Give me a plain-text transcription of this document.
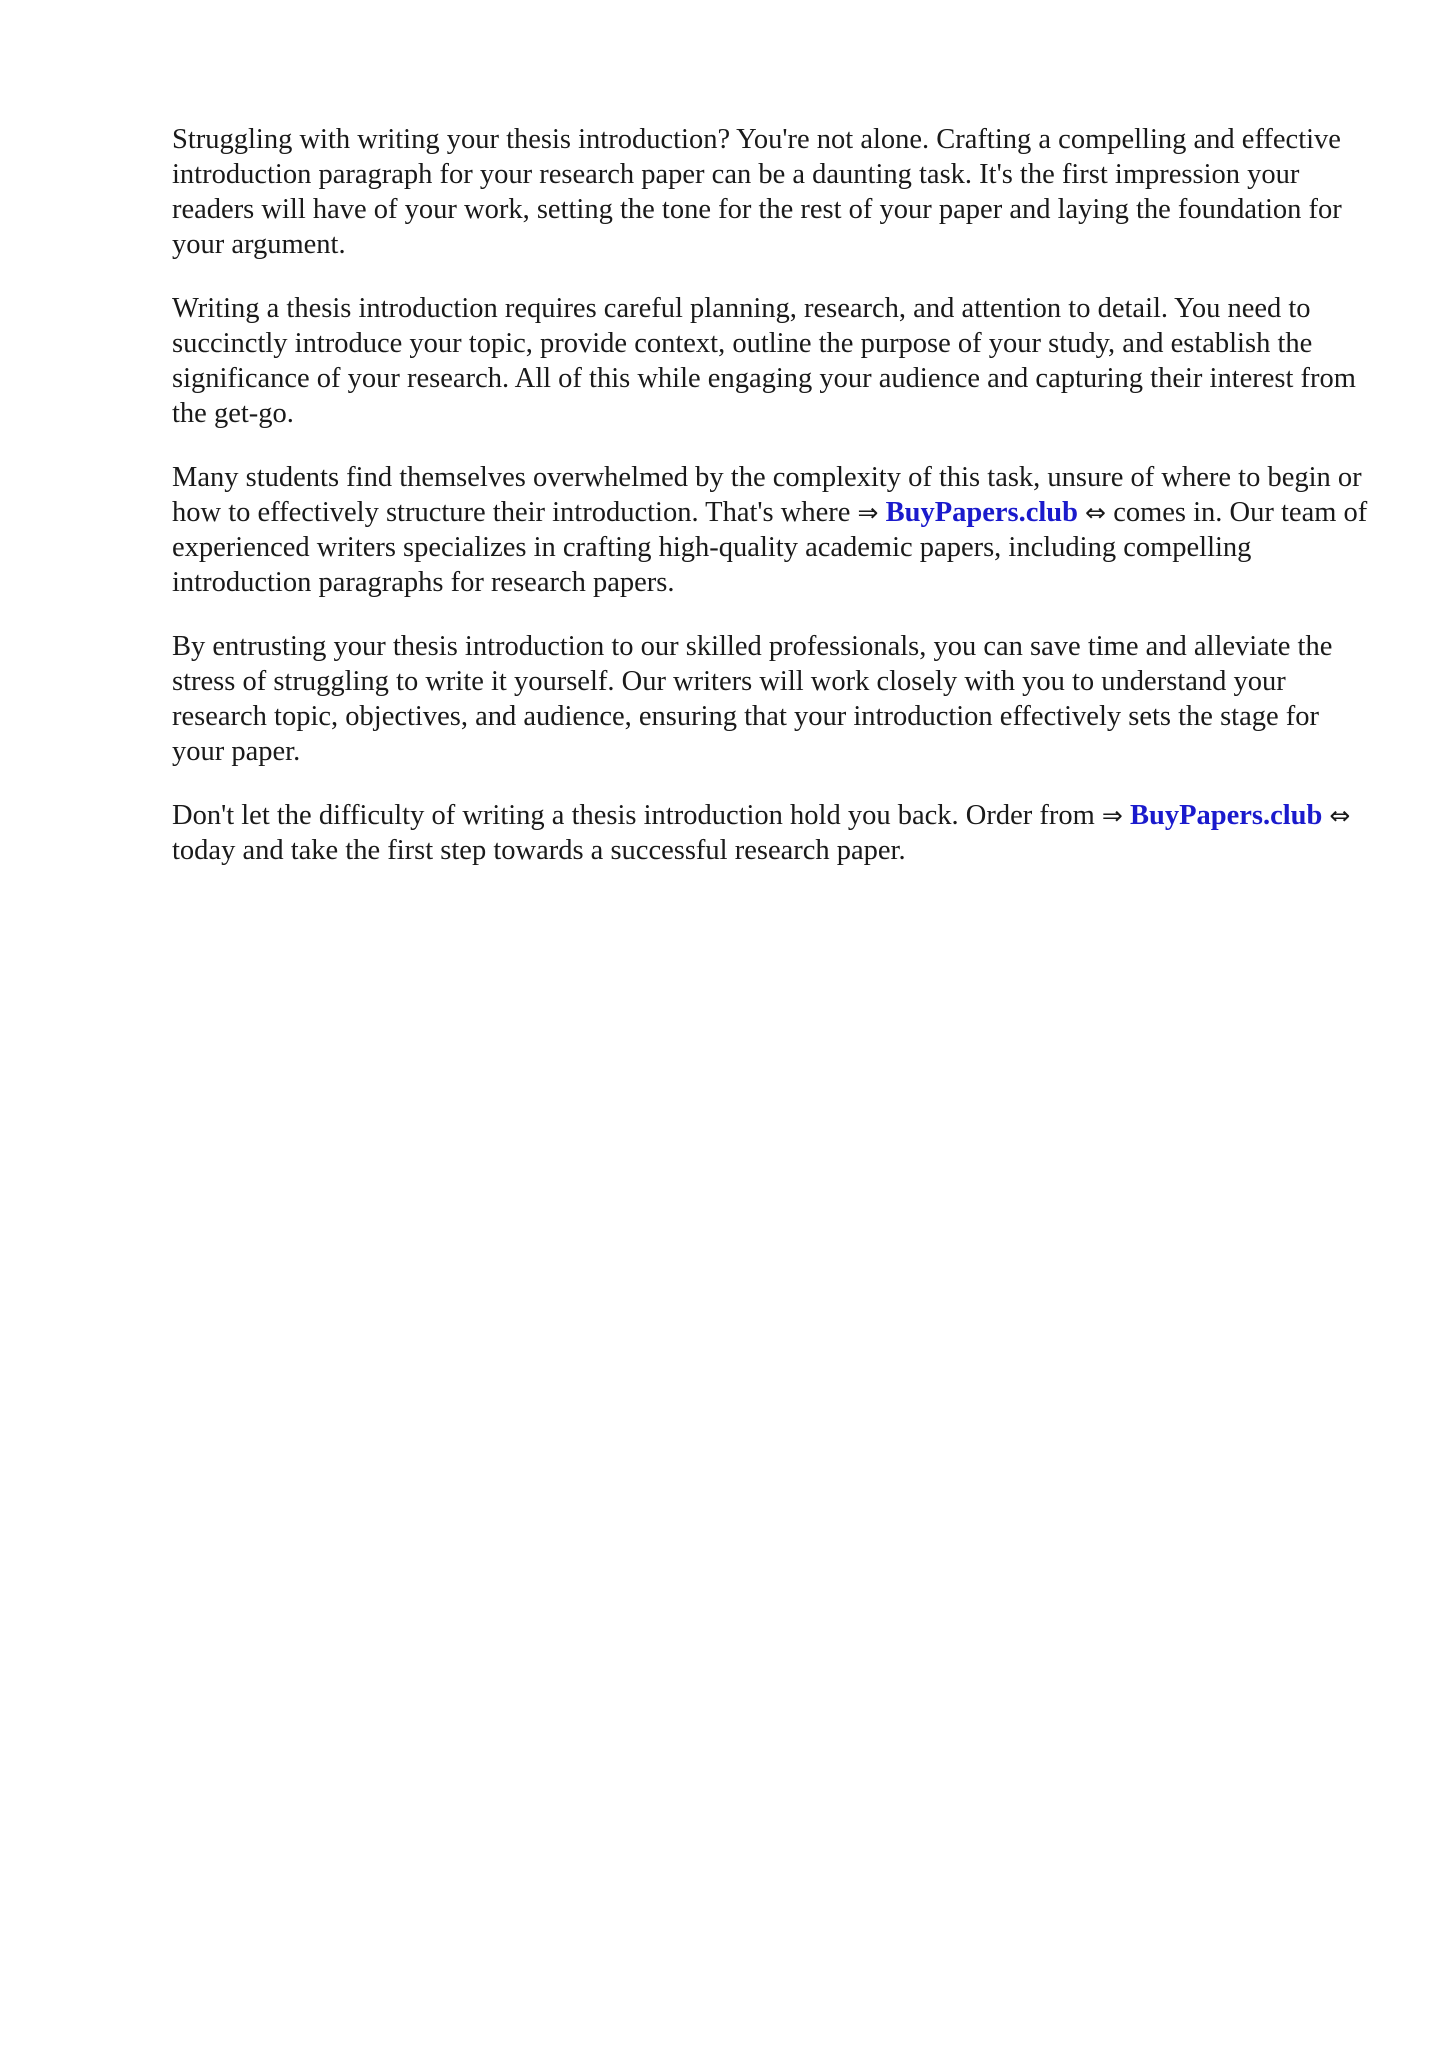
Struggling with writing your thesis introduction? You're not alone. Crafting a compelling and effective introduction paragraph for your research paper can be a daunting task. It's the first impression your readers will have of your work, setting the tone for the rest of your paper and laying the foundation for your argument.

Writing a thesis introduction requires careful planning, research, and attention to detail. You need to succinctly introduce your topic, provide context, outline the purpose of your study, and establish the significance of your research. All of this while engaging your audience and capturing their interest from the get-go.

Many students find themselves overwhelmed by the complexity of this task, unsure of where to begin or how to effectively structure their introduction. That's where ⇒ BuyPapers.club ⇔ comes in. Our team of experienced writers specializes in crafting high-quality academic papers, including compelling introduction paragraphs for research papers.

By entrusting your thesis introduction to our skilled professionals, you can save time and alleviate the stress of struggling to write it yourself. Our writers will work closely with you to understand your research topic, objectives, and audience, ensuring that your introduction effectively sets the stage for your paper.

Don't let the difficulty of writing a thesis introduction hold you back. Order from ⇒ BuyPapers.club ⇔ today and take the first step towards a successful research paper.
